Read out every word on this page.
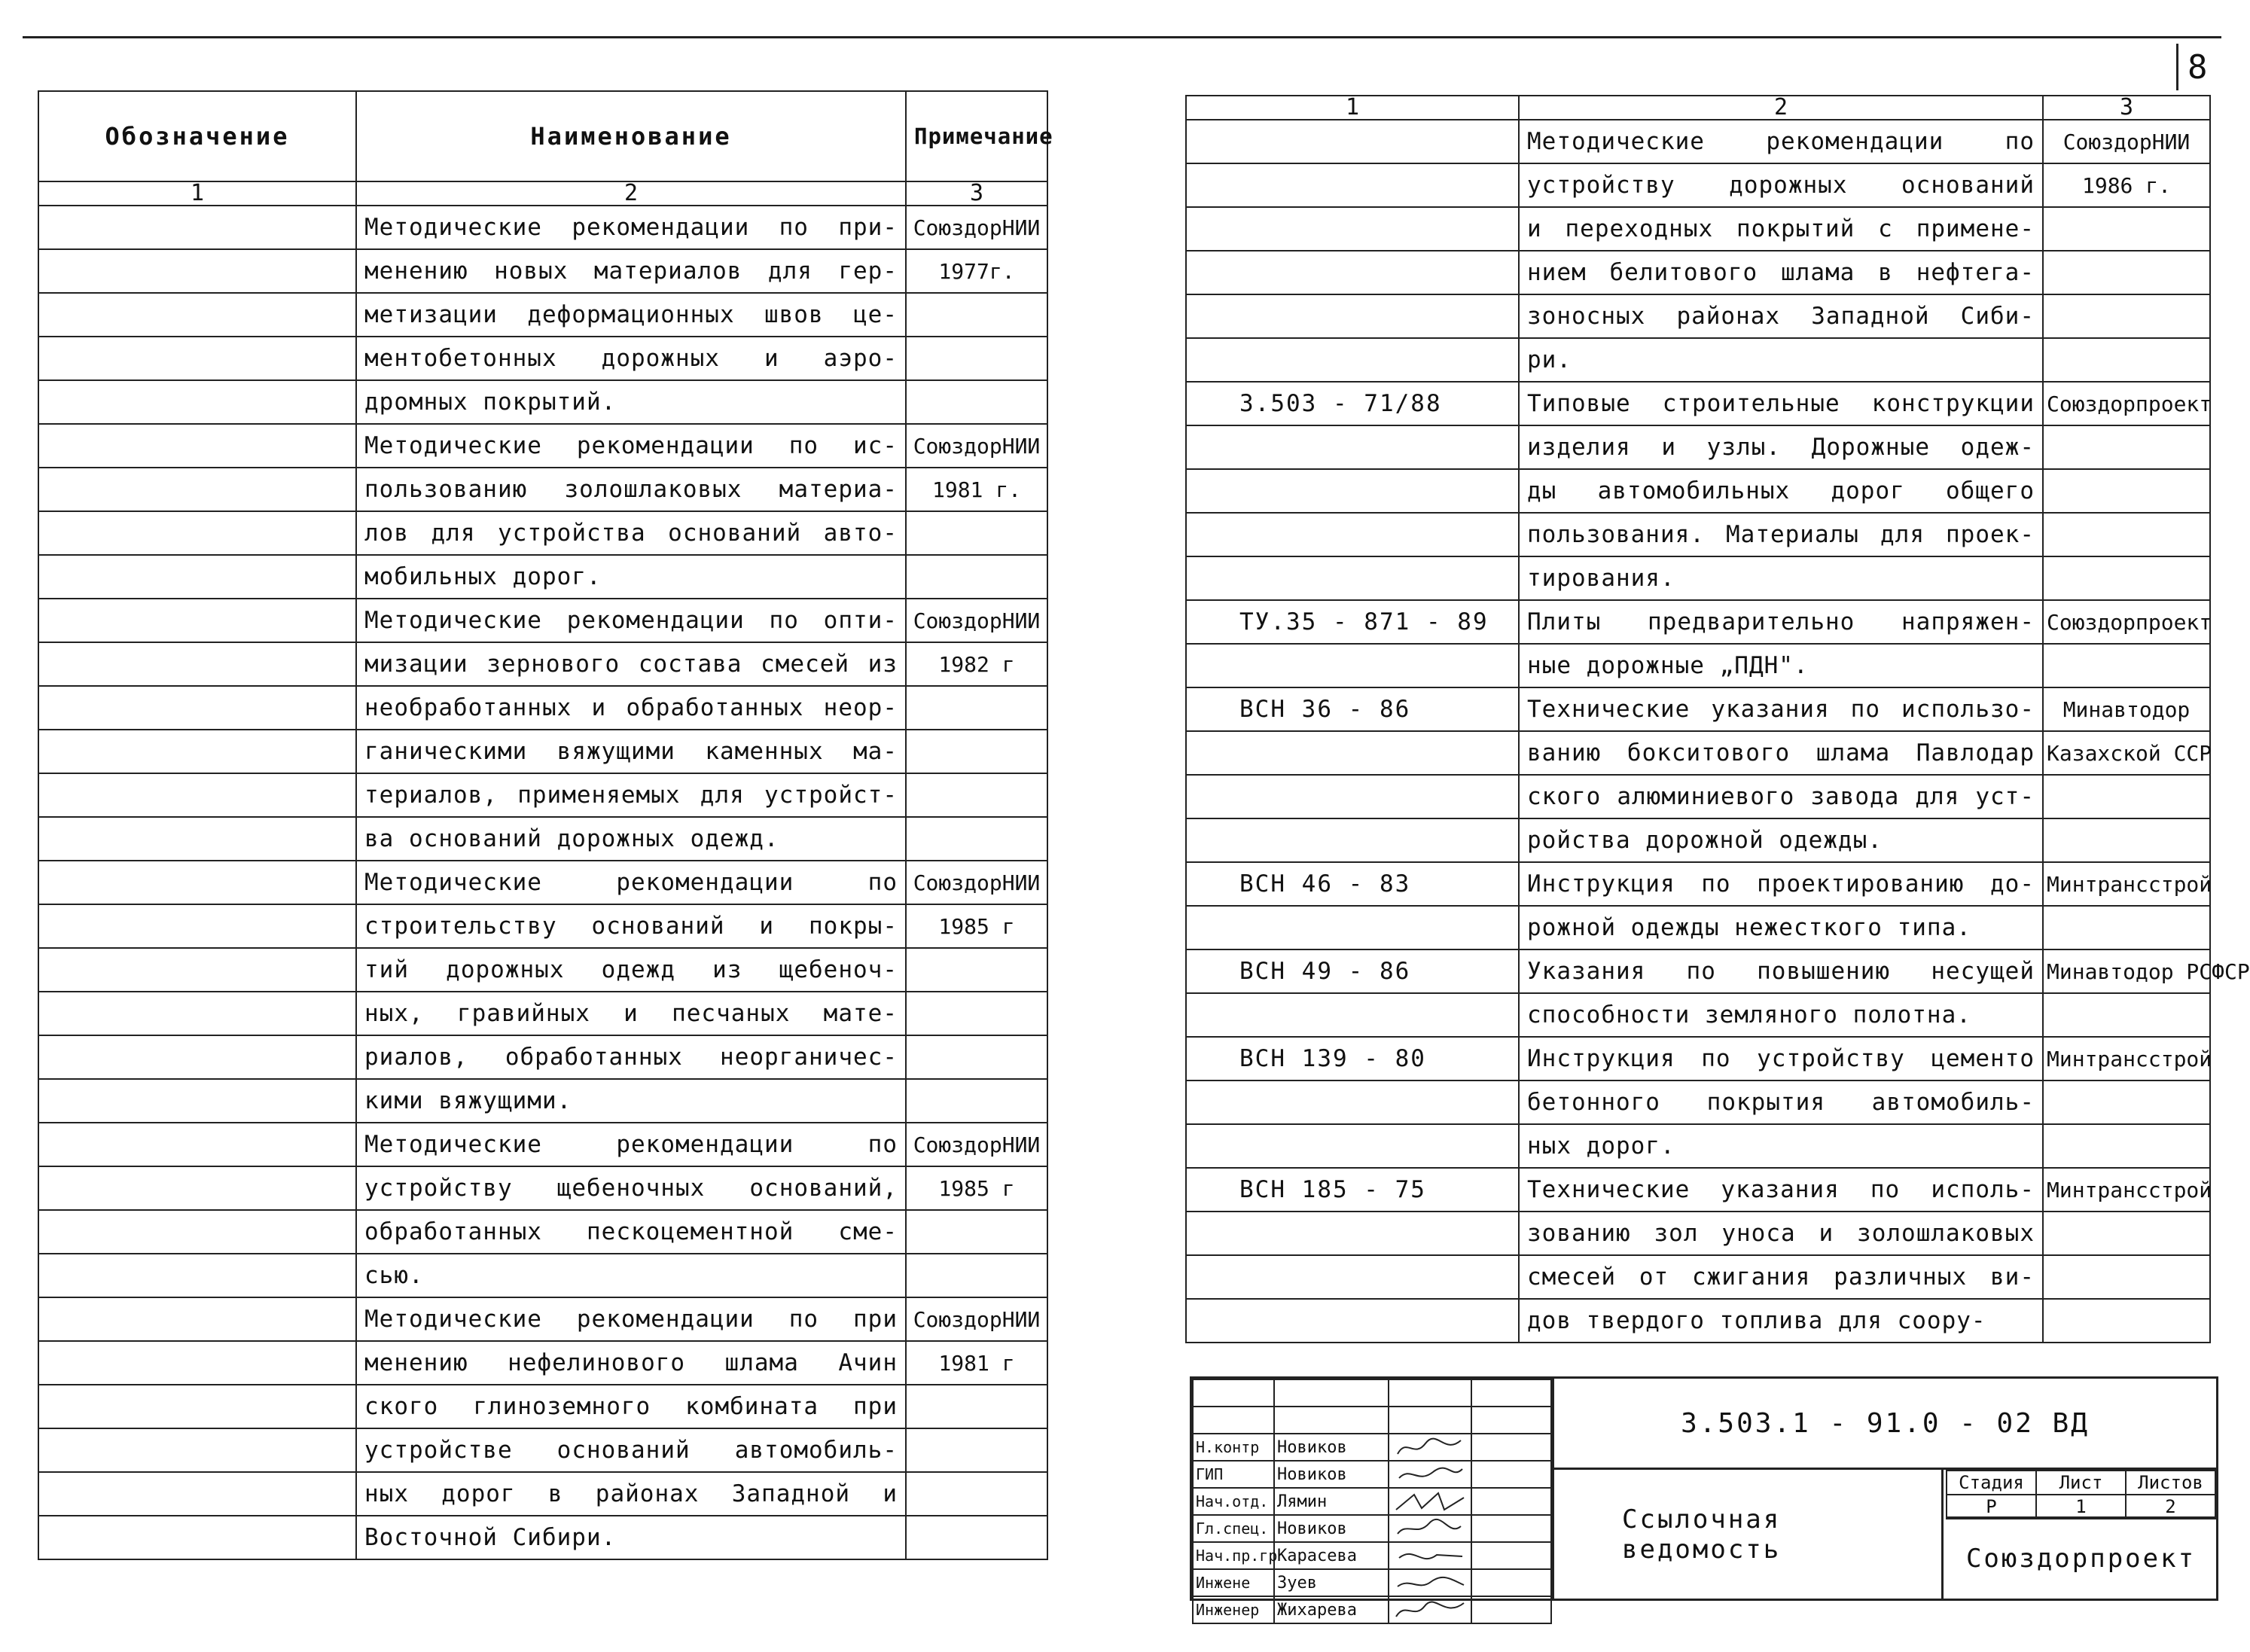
8
Обозначение	Наименование	Примечание
1	2	3
	Методические рекомендации по при-	СоюздорНИИ
	менению новых материалов для гер-	1977г.
	метизации деформационных швов це-	
	ментобетонных дорожных и аэро-	
	дромных покрытий.	
	Методические рекомендации по ис-	СоюздорНИИ
	пользованию золошлаковых материа-	1981 г.
	лов для устройства оснований авто-	
	мобильных дорог.	
	Методические рекомендации по опти-	СоюздорНИИ
	мизации зернового состава смесей из	1982 г
	необработанных и обработанных неор-	
	ганическими вяжущими каменных ма-	
	териалов, применяемых для устройст-	
	ва оснований дорожных одежд.	
	Методические рекомендации по	СоюздорНИИ
	строительству оснований и покры-	1985 г
	тий дорожных одежд из щебеноч-	
	ных, гравийных и песчаных мате-	
	риалов, обработанных неорганичес-	
	кими вяжущими.	
	Методические рекомендации по	СоюздорНИИ
	устройству щебеночных оснований,	1985 г
	обработанных пескоцементной сме-	
	сью.	
	Методические рекомендации по при	СоюздорНИИ
	менению нефелинового шлама Ачин	1981 г
	ского глиноземного комбината при	
	устройстве оснований автомобиль-	
	ных дорог в районах Западной и	
	Восточной Сибири.	
1	2	3
	Методические рекомендации по	СоюздорНИИ
	устройству дорожных оснований	1986 г.
	и переходных покрытий с примене-	
	нием белитового шлама в нефтега-	
	зоносных районах Западной Сиби-	
	ри.	
3.503 - 71/88	Типовые строительные конструкции	Союздорпроект
	изделия и узлы. Дорожные одеж-	
	ды автомобильных дорог общего	
	пользования. Материалы для проек-	
	тирования.	
ТУ.35 - 871 - 89	Плиты предварительно напряжен-	Союздорпроект
	ные дорожные „ПДН".	
ВСН 36 - 86	Технические указания по использо-	Минавтодор
	ванию бокситового шлама Павлодар	Казахской ССР
	ского алюминиевого завода для уст-	
	ройства дорожной одежды.	
ВСН 46 - 83	Инструкция по проектированию до-	Минтрансстрой
	рожной одежды нежесткого типа.	
ВСН 49 - 86	Указания по повышению несущей	Минавтодор РСФСР
	способности земляного полотна.	
ВСН 139 - 80	Инструкция по устройству цементо	Минтрансстрой
	бетонного покрытия автомобиль-	
	ных дорог.	
ВСН 185 - 75	Технические указания по исполь-	Минтрансстрой
	зованию зол уноса и золошлаковых	
	смесей от сжигания различных ви-	
	дов твердого топлива для соору-	

Н.контр	Новиков	

ГИП	Новиков	

Нач.отд.	Лямин	

Гл.спец.	Новиков	

Нач.пр.гр	Карасева	

Инжене	Зуев	

Инженер	Жихарева	

3.503.1 - 91.0 - 02 ВД
Ссылочная
ведомость
Стадия	Лист	Листов
Р	1	2
Союздорпроект
